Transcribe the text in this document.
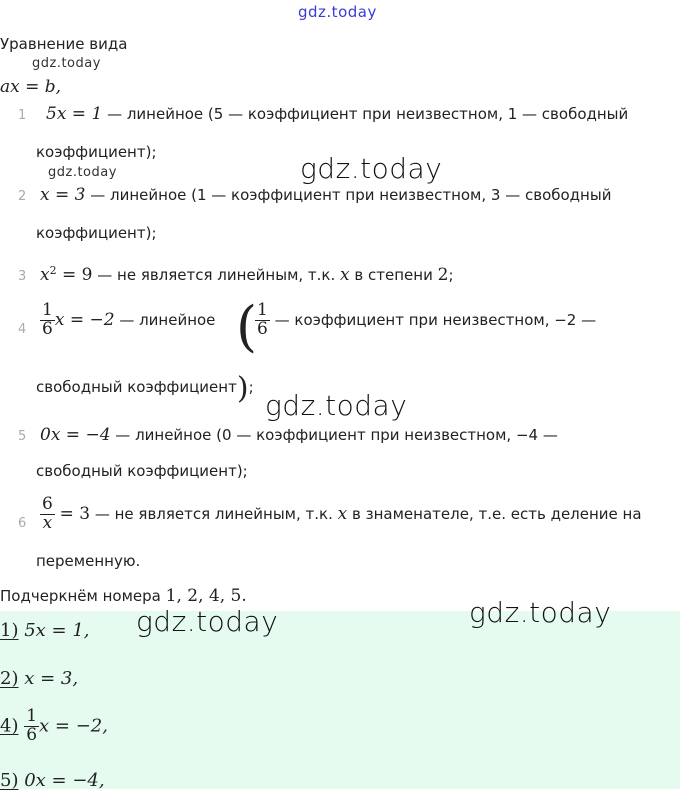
gdz.today
gdz.today
gdz.today	gdz.today
gdz.today
gdz.today
gdz.today
Уравнение вида
ax = b,
1 5x = 1 — линейное (5 — коэффициент при неизвестном, 1 — свободный
коэффициент);
2 x = 3 — линейное (1 — коэффициент при неизвестном, 3 — свободный
коэффициент);
3 $x^2 = 9$ — не является линейным, т.к. x в степени 2;
$4 \frac{1}{6}$ x = −2 — линейное (
$\frac{1}{6}$ — коэффициент при неизвестном, −2 —
свободный коэффициент);
5 0x = −4 — линейное (0 — коэффициент при неизвестном, −4 —
свободный коэффициент);
$6 \frac{6}{x} = 3$ — не является линейным, т.к. x в знаменателе, т.е. есть деление на
переменную.
Подчеркнём номера 1, 2, 4, 5.
1) 5x = 1,
2) x = 3,
$4) \frac{1}{6}$ x = −2,
5) 0x = −4,
